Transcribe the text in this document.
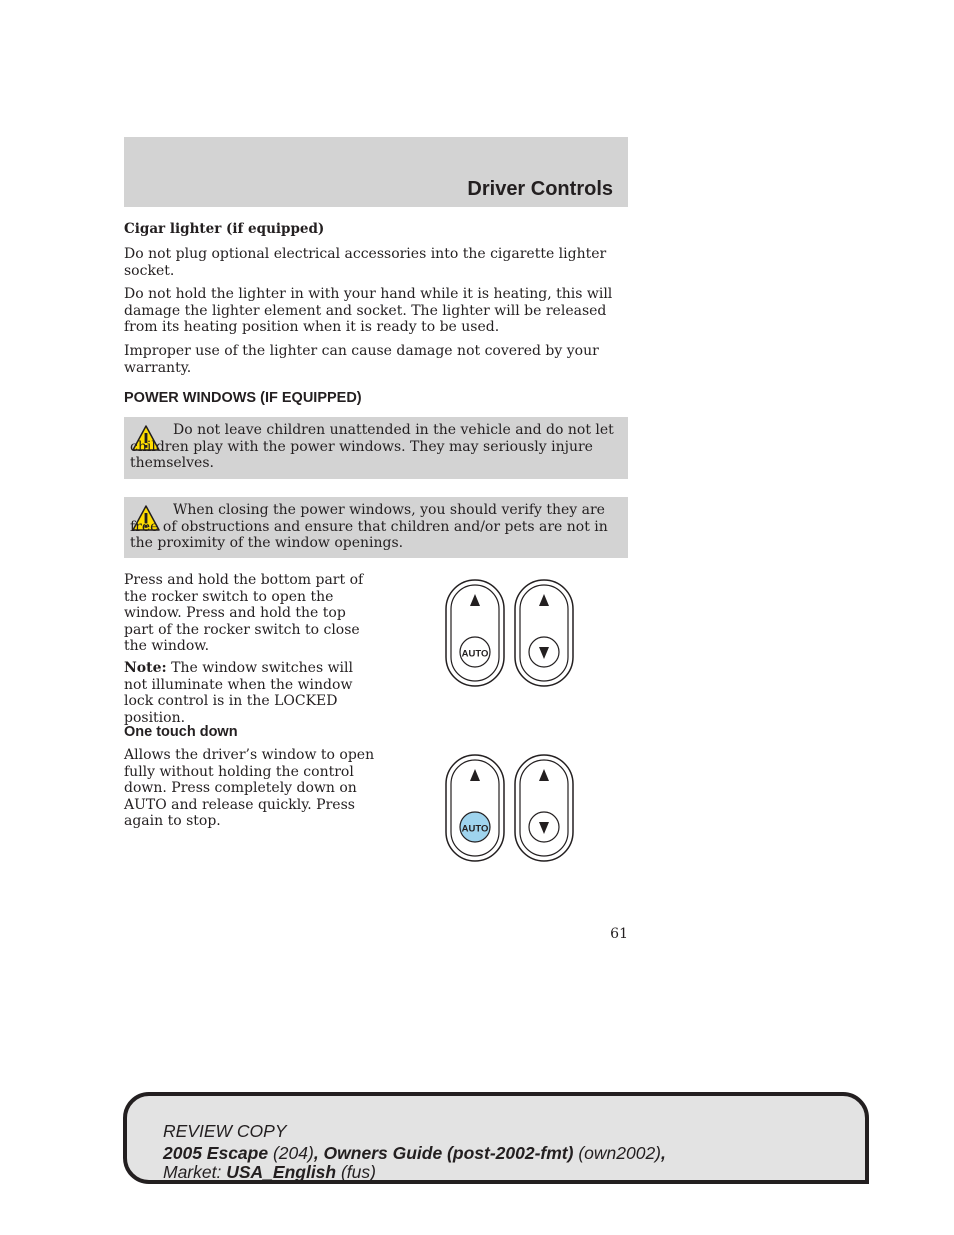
Driver Controls
Cigar lighter (if equipped)

Do not plug optional electrical accessories into the cigarette lighter socket.

Do not hold the lighter in with your hand while it is heating, this will damage the lighter element and socket. The lighter will be released from its heating position when it is ready to be used.

Improper use of the lighter can cause damage not covered by your warranty.

POWER WINDOWS (IF EQUIPPED)

Do not leave children unattended in the vehicle and do not let children play with the power windows. They may seriously injure themselves.

When closing the power windows, you should verify they are free of obstructions and ensure that children and/or pets are not in the proximity of the window openings.

Press and hold the bottom part of the rocker switch to open the window. Press and hold the top part of the rocker switch to close the window.

Note: The window switches will not illuminate when the window lock control is in the LOCKED position.

AUTO
One touch down

Allows the driver’s window to open fully without holding the control down. Press completely down on AUTO and release quickly. Press again to stop.	AUTO
61
REVIEW COPY
2005 Escape (204), Owners Guide (post-2002-fmt) (own2002),
Market: USA_English (fus)
